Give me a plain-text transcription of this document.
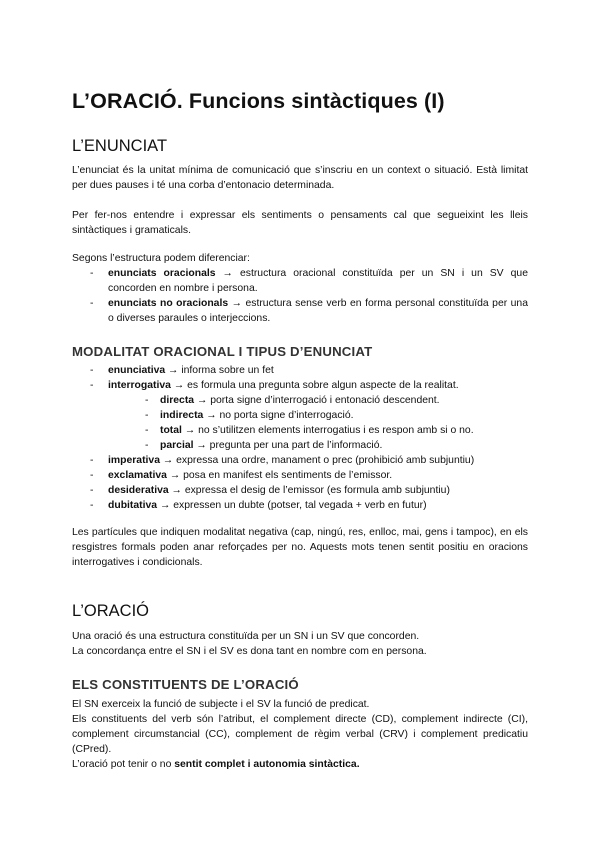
L’ORACIÓ. Funcions sintàctiques (I)
L’ENUNCIAT

L’enunciat és la unitat mínima de comunicació que s’inscriu en un context o situació. Està limitat per dues pauses i té una corba d’entonacio determinada.

Per fer-nos entendre i expressar els sentiments o pensaments cal que segueixint les lleis sintàctiques i gramaticals.

Segons l’estructura podem diferenciar:

- enunciats oracionals → estructura oracional constituïda per un SN i un SV que concorden en nombre i persona.

- enunciats no oracionals → estructura sense verb en forma personal constituïda per una o diverses paraules o interjeccions.

MODALITAT ORACIONAL I TIPUS D’ENUNCIAT
- enunciativa → informa sobre un fet

- interrogativa → es formula una pregunta sobre algun aspecte de la realitat.

- directa → porta signe d’interrogació i entonació descendent.

- indirecta → no porta signe d’interrogació.

- total → no s’utilitzen elements interrogatius i es respon amb si o no.

- parcial → pregunta per una part de l’informació.

- imperativa → expressa una ordre, manament o prec (prohibició amb subjuntiu)

- exclamativa → posa en manifest els sentiments de l’emissor.

- desiderativa → expressa el desig de l’emissor (es formula amb subjuntiu)

- dubitativa → expressen un dubte (potser, tal vegada + verb en futur)

Les partícules que indiquen modalitat negativa (cap, ningú, res, enlloc, mai, gens i tampoc), en els resgistres formals poden anar reforçades per no. Aquests mots tenen sentit positiu en oracions interrogatives i condicionals.

L’ORACIÓ

Una oració és una estructura constituïda per un SN i un SV que concorden.

La concordança entre el SN i el SV es dona tant en nombre com en persona.

ELS CONSTITUENTS DE L’ORACIÓ

El SN exerceix la funció de subjecte i el SV la funció de predicat.

Els constituents del verb són l’atribut, el complement directe (CD), complement indirecte (CI), complement circumstancial (CC), complement de règim verbal (CRV) i complement predicatiu (CPred).

L’oració pot tenir o no sentit complet i autonomia sintàctica.
